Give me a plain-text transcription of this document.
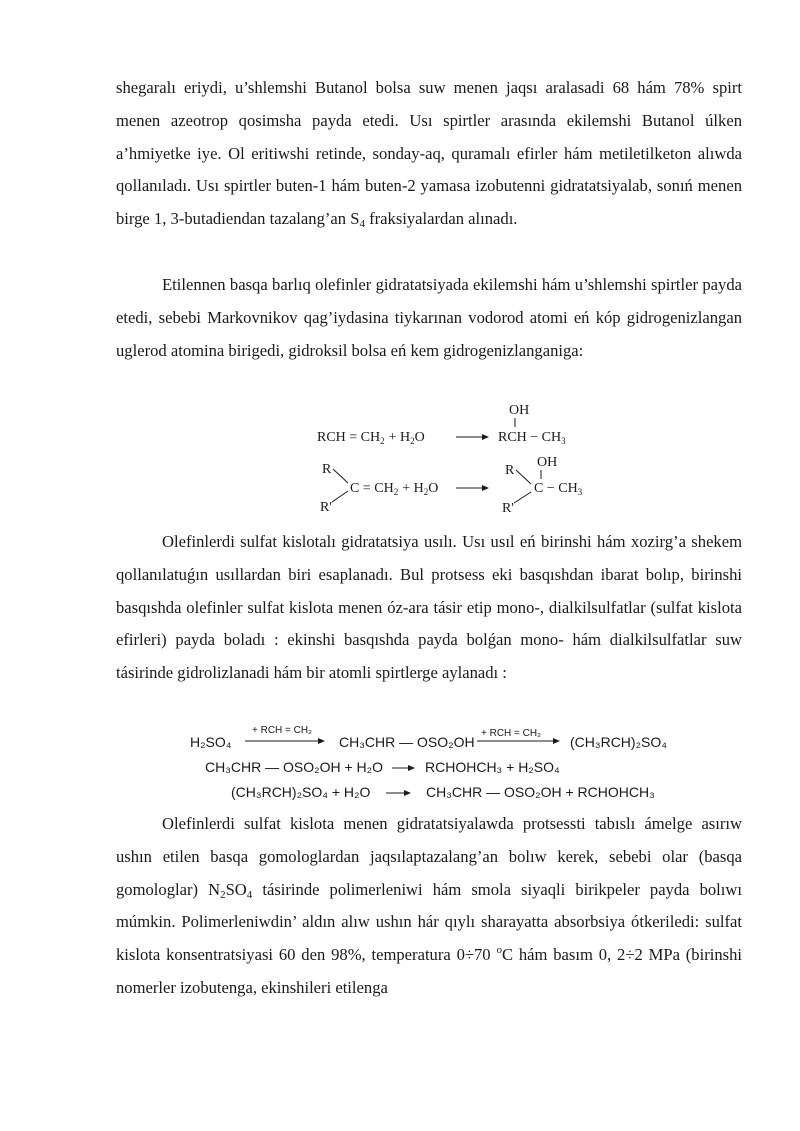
shegaralı eriydi, u’shlemshi Butanol bolsa suw menen jaqsı aralasadi 68 hám 78% spirt menen azeotrop qosimsha payda etedi. Usı spirtler arasında ekilemshi Butanol úlken a’hmiyetke iye. Ol eritiwshi retinde, sonday-aq, quramalı efirler hám metiletilketon alıwda qollanıladı. Usı spirtler buten-1 hám buten-2 yamasa izobutenni gidratatsiyalab, sonıń menen birge 1, 3-butadiendan tazalang’an $S_4$ fraksiyalardan alınadı.

Etilennen basqa barlıq olefinler gidratatsiyada ekilemshi hám u’shlemshi spirtler payda etedi, sebebi Markovnikov qag’iydasina tiykarınan vodorod atomi eń kóp gidrogenizlangan uglerod atomina birigedi, gidroksil bolsa eń kem gidrogenizlanganiga:

RCH = $CH_2 + H_2O$
OH
RCH − $CH_3$
R
R'
$C = CH_2 + H_2O$
R
R'
OH
$C - CH_3$

Olefinlerdi sulfat kislotalı gidratatsiya usılı. Usı usıl eń birinshi hám xozirg’a shekem qollanılatuǵın usıllardan biri esaplanadı. Bul protsess eki basqıshdan ibarat bolıp, birinshi basqıshda olefinler sulfat kislota menen óz-ara tásir etip mono-, dialkilsulfatlar (sulfat kislota efirleri) payda boladı : ekinshi basqıshda payda bolǵan mono- hám dialkilsulfatlar suw tásirinde gidrolizlanadi hám bir atomli spirtlerge aylanadı :

H₂SO₄
+ RCH = CH₂
CH₃CHR — OSO₂OH
+ RCH = CH₂
(CH₃RCH)₂SO₄
CH₃CHR — OSO₂OH + H₂O	RCHOHCH₃ + H₂SO₄
(CH₃RCH)₂SO₄ + H₂O	CH₃CHR — OSO₂OH + RCHOHCH₃

Olefinlerdi sulfat kislota menen gidratatsiyalawda protsessti tabıslı ámelge asırıw ushın etilen basqa gomologlardan jaqsılaptazalang’an bolıw kerek, sebebi olar (basqa gomologlar) $N_2SO_4$ tásirinde polimerleniwi hám smola siyaqli birikpeler payda bolıwı múmkin. Polimerleniwdin’ aldın alıw ushın hár qıylı sharayatta absorbsiya ótkeriledi: sulfat kislota konsentratsiyasi 60 den 98%, temperatura 0÷70 $^o$C hám basım 0, 2÷2 MPa (birinshi nomerler izobutenga, ekinshileri etilenga
